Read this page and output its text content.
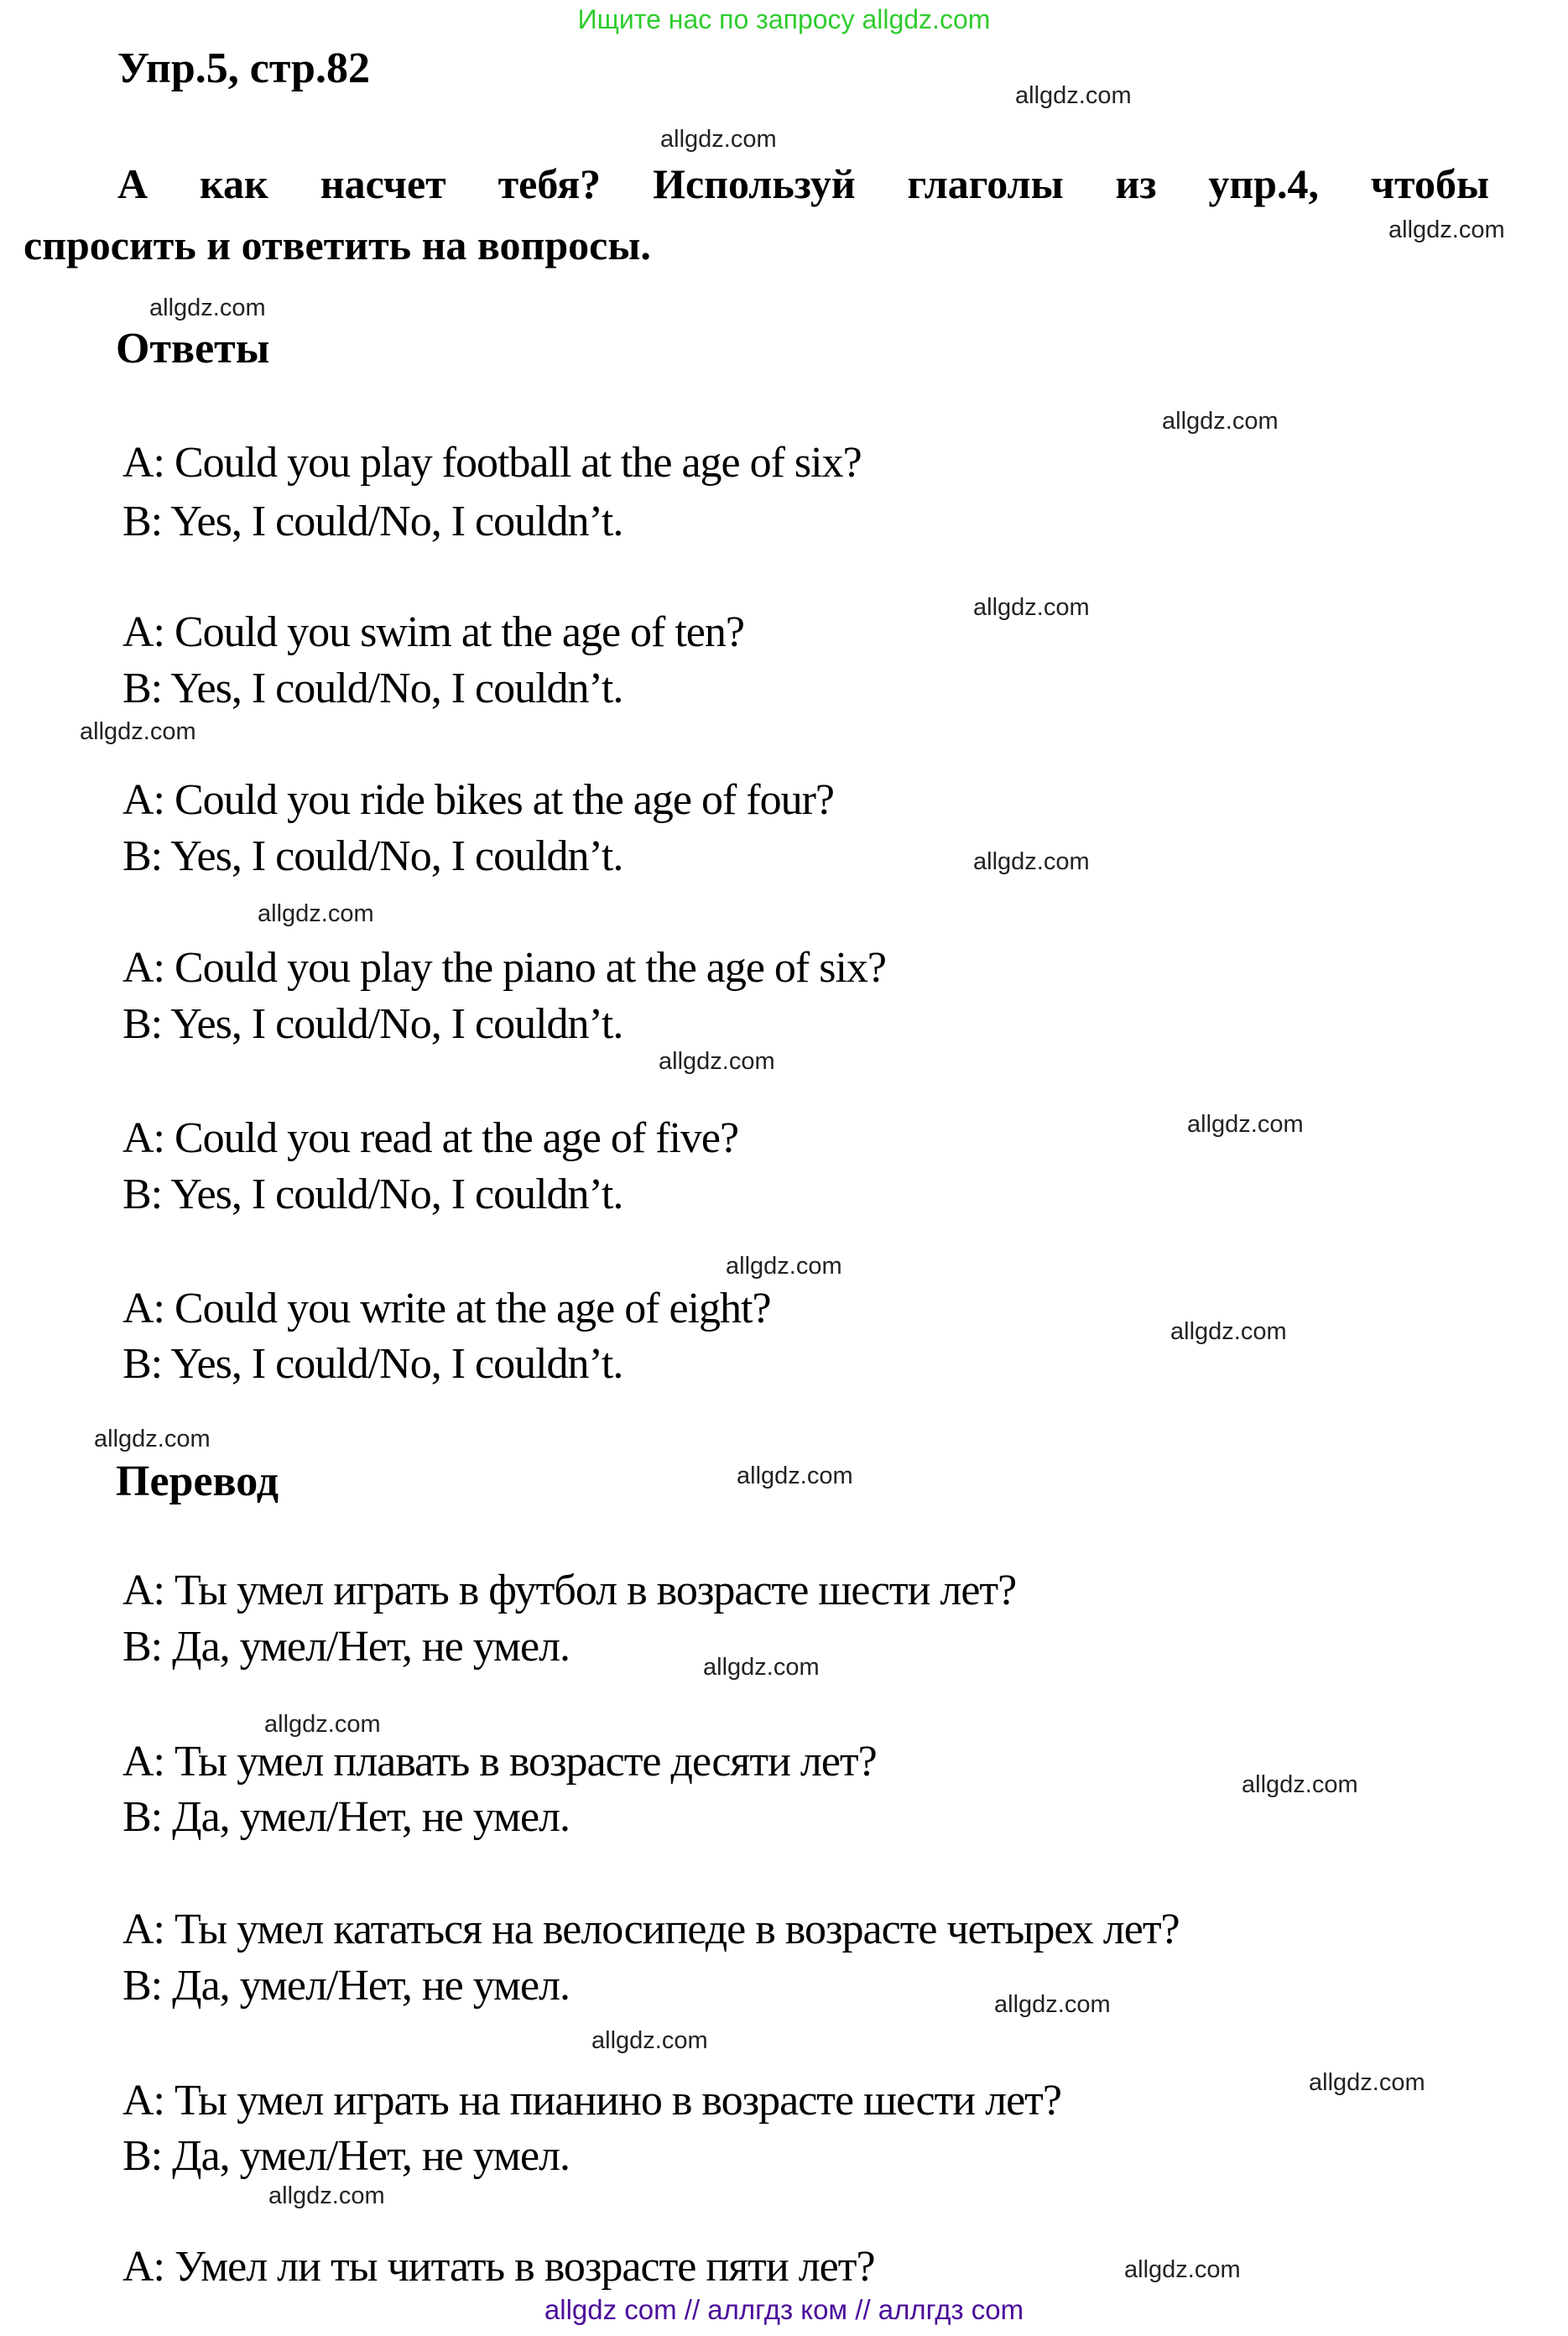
Ищите нас по запросу allgdz.com
Упр.5, стр.82
А как насчет тебя? Используй глаголы из упр.4, чтобы
спросить и ответить на вопросы.
Ответы
A: Could you play football at the age of six?
B: Yes, I could/No, I couldn’t.
A: Could you swim at the age of ten?
B: Yes, I could/No, I couldn’t.
A: Could you ride bikes at the age of four?
B: Yes, I could/No, I couldn’t.
A: Could you play the piano at the age of six?
B: Yes, I could/No, I couldn’t.
A: Could you read at the age of five?
B: Yes, I could/No, I couldn’t.
A: Could you write at the age of eight?
B: Yes, I could/No, I couldn’t.
Перевод
A: Ты умел играть в футбол в возрасте шести лет?
B: Да, умел/Нет, не умел.
A: Ты умел плавать в возрасте десяти лет?
B: Да, умел/Нет, не умел.
A: Ты умел кататься на велосипеде в возрасте четырех лет?
B: Да, умел/Нет, не умел.
A: Ты умел играть на пианино в возрасте шести лет?
B: Да, умел/Нет, не умел.
A: Умел ли ты читать в возрасте пяти лет?
allgdz.com
allgdz.com
allgdz.com
allgdz.com
allgdz.com
allgdz.com
allgdz.com
allgdz.com
allgdz.com
allgdz.com
allgdz.com
allgdz.com
allgdz.com
allgdz.com
allgdz.com
allgdz.com
allgdz.com
allgdz.com
allgdz.com
allgdz.com
allgdz.com
allgdz.com
allgdz.com
allgdz com // аллгдз ком // аллгдз com
